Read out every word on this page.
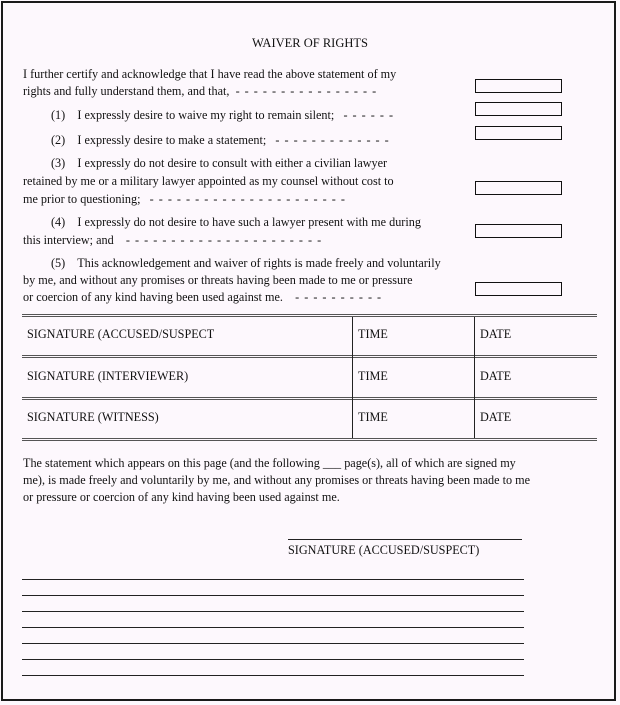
WAIVER OF RIGHTS
I further certify and acknowledge that I have read the above statement of my
rights and fully understand them, and that, - - - - - - - - - - - - - - - -
(1) I expressly desire to waive my right to remain silent; - - - - - -
(2) I expressly desire to make a statement; - - - - - - - - - - - - -
(3) I expressly do not desire to consult with either a civilian lawyer
retained by me or a military lawyer appointed as my counsel without cost to
me prior to questioning; - - - - - - - - - - - - - - - - - - - - - -
(4) I expressly do not desire to have such a lawyer present with me during
this interview; and - - - - - - - - - - - - - - - - - - - - - -
(5) This acknowledgement and waiver of rights is made freely and voluntarily
by me, and without any promises or threats having been made to me or pressure
or coercion of any kind having been used against me. - - - - - - - - - -
SIGNATURE (ACCUSED/SUSPECT	TIME	DATE
SIGNATURE (INTERVIEWER)	TIME	DATE
SIGNATURE (WITNESS)	TIME	DATE
The statement which appears on this page (and the following ___ page(s), all of which are signed my
me), is made freely and voluntarily by me, and without any promises or threats having been made to me
or pressure or coercion of any kind having been used against me.
SIGNATURE (ACCUSED/SUSPECT)
